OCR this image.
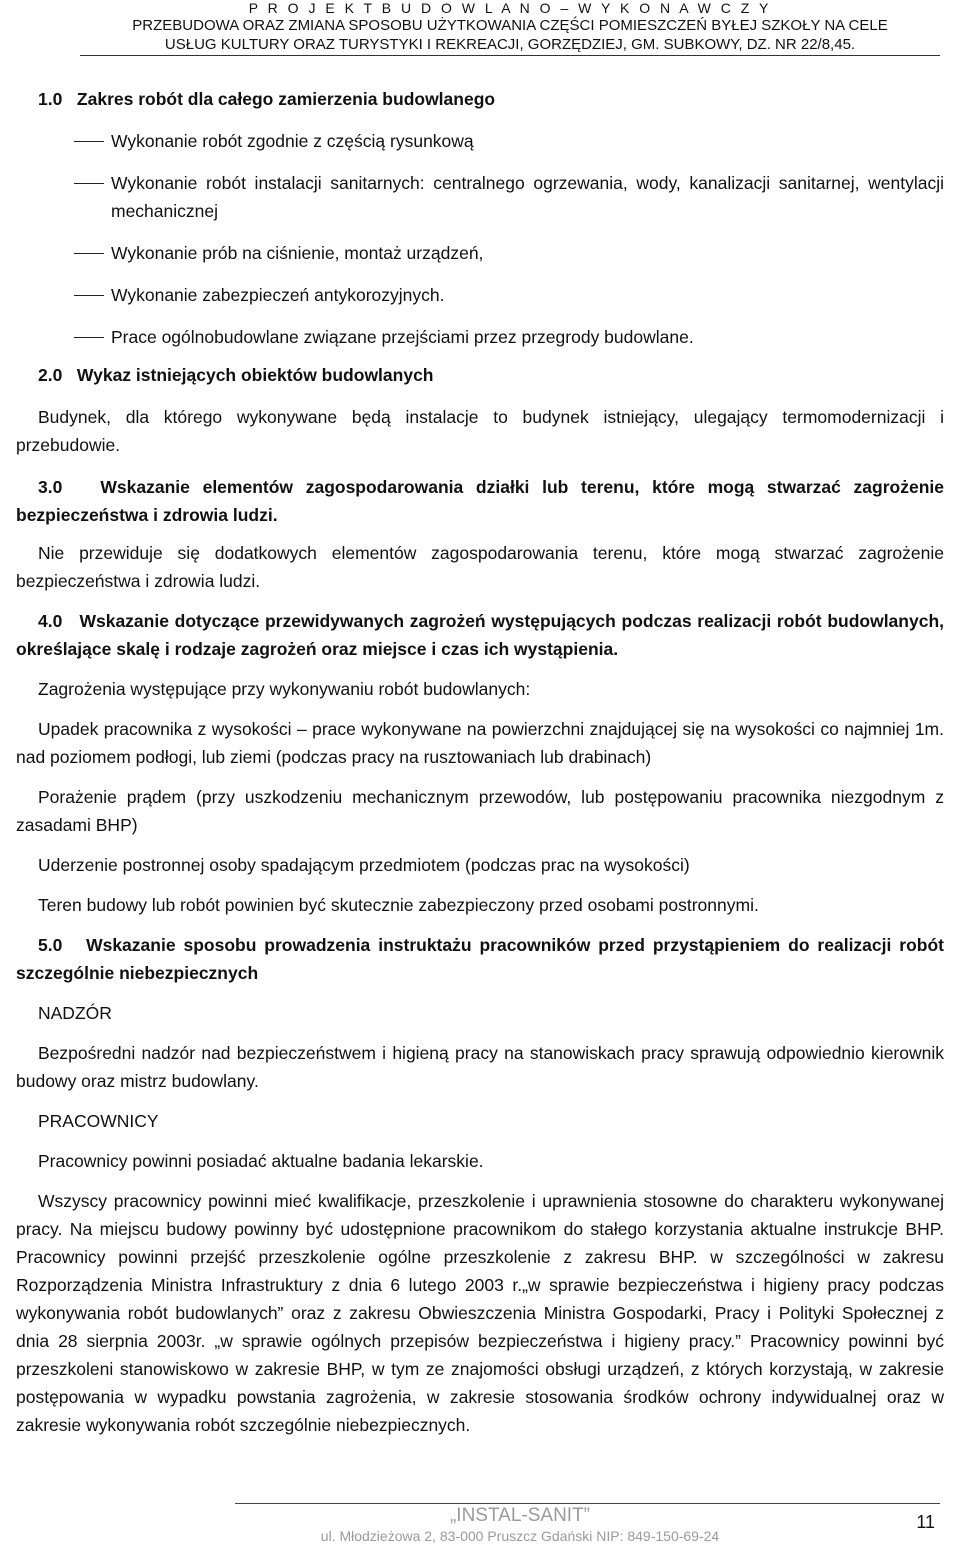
P R O J E K T B U D O W L A N O – W Y K O N A W C Z Y
PRZEBUDOWA ORAZ ZMIANA SPOSOBU UŻYTKOWANIA CZĘŚCI POMIESZCZEŃ BYŁEJ SZKOŁY NA CELE
USŁUG KULTURY ORAZ TURYSTYKI I REKREACJI, GORZĘDZIEJ, GM. SUBKOWY, DZ. NR 22/8,45.

1.0 Zakres robót dla całego zamierzenia budowlanego

Wykonanie robót zgodnie z częścią rysunkową
Wykonanie robót instalacji sanitarnych: centralnego ogrzewania, wody, kanalizacji sanitarnej, wentylacji mechanicznej
Wykonanie prób na ciśnienie, montaż urządzeń,
Wykonanie zabezpieczeń antykorozyjnych.
Prace ogólnobudowlane związane przejściami przez przegrody budowlane.

2.0 Wykaz istniejących obiektów budowlanych

Budynek, dla którego wykonywane będą instalacje to budynek istniejący, ulegający termomodernizacji i przebudowie.

3.0 Wskazanie elementów zagospodarowania działki lub terenu, które mogą stwarzać zagrożenie bezpieczeństwa i zdrowia ludzi.

Nie przewiduje się dodatkowych elementów zagospodarowania terenu, które mogą stwarzać zagrożenie bezpieczeństwa i zdrowia ludzi.

4.0 Wskazanie dotyczące przewidywanych zagrożeń występujących podczas realizacji robót budowlanych, określające skalę i rodzaje zagrożeń oraz miejsce i czas ich wystąpienia.

Zagrożenia występujące przy wykonywaniu robót budowlanych:

Upadek pracownika z wysokości – prace wykonywane na powierzchni znajdującej się na wysokości co najmniej 1m. nad poziomem podłogi, lub ziemi (podczas pracy na rusztowaniach lub drabinach)

Porażenie prądem (przy uszkodzeniu mechanicznym przewodów, lub postępowaniu pracownika niezgodnym z zasadami BHP)

Uderzenie postronnej osoby spadającym przedmiotem (podczas prac na wysokości)

Teren budowy lub robót powinien być skutecznie zabezpieczony przed osobami postronnymi.

5.0 Wskazanie sposobu prowadzenia instruktażu pracowników przed przystąpieniem do realizacji robót szczególnie niebezpiecznych

NADZÓR

Bezpośredni nadzór nad bezpieczeństwem i higieną pracy na stanowiskach pracy sprawują odpowiednio kierownik budowy oraz mistrz budowlany.

PRACOWNICY

Pracownicy powinni posiadać aktualne badania lekarskie.

Wszyscy pracownicy powinni mieć kwalifikacje, przeszkolenie i uprawnienia stosowne do charakteru wykonywanej pracy. Na miejscu budowy powinny być udostępnione pracownikom do stałego korzystania aktualne instrukcje BHP. Pracownicy powinni przejść przeszkolenie ogólne przeszkolenie z zakresu BHP. w szczególności w zakresu Rozporządzenia Ministra Infrastruktury z dnia 6 lutego 2003 r.„w sprawie bezpieczeństwa i higieny pracy podczas wykonywania robót budowlanych” oraz z zakresu Obwieszczenia Ministra Gospodarki, Pracy i Polityki Społecznej z dnia 28 sierpnia 2003r. „w sprawie ogólnych przepisów bezpieczeństwa i higieny pracy.” Pracownicy powinni być przeszkoleni stanowiskowo w zakresie BHP, w tym ze znajomości obsługi urządzeń, z których korzystają, w zakresie postępowania w wypadku powstania zagrożenia, w zakresie stosowania środków ochrony indywidualnej oraz w zakresie wykonywania robót szczególnie niebezpiecznych.

„INSTAL-SANIT”
ul. Młodzieżowa 2, 83-000 Pruszcz Gdański NIP: 849-150-69-24
11
